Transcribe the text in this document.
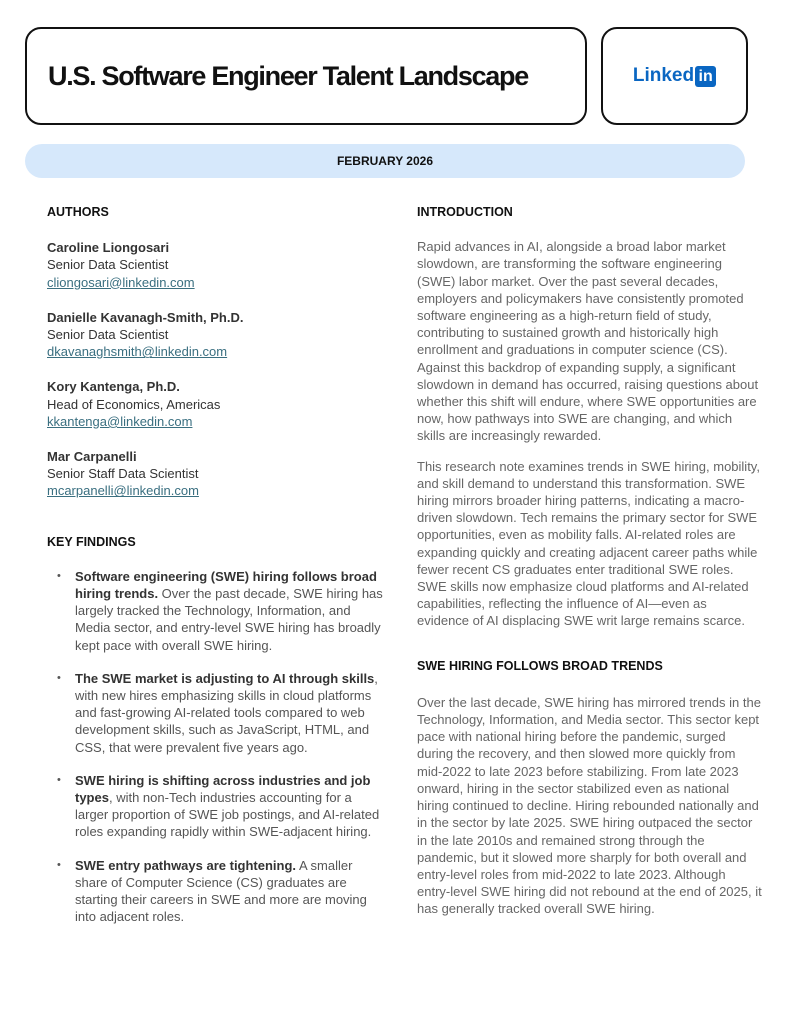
U.S. Software Engineer Talent Landscape	Linked in
FEBRUARY 2026
AUTHORS
Caroline Liongosari
Senior Data Scientist
cliongosari@linkedin.com
Danielle Kavanagh-Smith, Ph.D.
Senior Data Scientist
dkavanaghsmith@linkedin.com
Kory Kantenga, Ph.D.
Head of Economics, Americas
kkantenga@linkedin.com
Mar Carpanelli
Senior Staff Data Scientist
mcarpanelli@linkedin.com
KEY FINDINGS
• Software engineering (SWE) hiring follows broad hiring trends. Over the past decade, SWE hiring has largely tracked the Technology, Information, and Media sector, and entry-level SWE hiring has broadly kept pace with overall SWE hiring.
• The SWE market is adjusting to AI through skills, with new hires emphasizing skills in cloud platforms and fast-growing AI-related tools compared to web development skills, such as JavaScript, HTML, and CSS, that were prevalent five years ago.
• SWE hiring is shifting across industries and job types, with non-Tech industries accounting for a larger proportion of SWE job postings, and AI-related roles expanding rapidly within SWE-adjacent hiring.
• SWE entry pathways are tightening. A smaller share of Computer Science (CS) graduates are starting their careers in SWE and more are moving into adjacent roles.
INTRODUCTION

Rapid advances in AI, alongside a broad labor market slowdown, are transforming the software engineering (SWE) labor market. Over the past several decades, employers and policymakers have consistently promoted software engineering as a high-return field of study, contributing to sustained growth and historically high enrollment and graduations in computer science (CS). Against this backdrop of expanding supply, a significant slowdown in demand has occurred, raising questions about whether this shift will endure, where SWE opportunities are now, how pathways into SWE are changing, and which skills are increasingly rewarded.

This research note examines trends in SWE hiring, mobility, and skill demand to understand this transformation. SWE hiring mirrors broader hiring patterns, indicating a macro-driven slowdown. Tech remains the primary sector for SWE opportunities, even as mobility falls. AI-related roles are expanding quickly and creating adjacent career paths while fewer recent CS graduates enter traditional SWE roles. SWE skills now emphasize cloud platforms and AI-related capabilities, reflecting the influence of AI—even as evidence of AI displacing SWE writ large remains scarce.

SWE HIRING FOLLOWS BROAD TRENDS

Over the last decade, SWE hiring has mirrored trends in the Technology, Information, and Media sector. This sector kept pace with national hiring before the pandemic, surged during the recovery, and then slowed more quickly from mid-2022 to late 2023 before stabilizing. From late 2023 onward, hiring in the sector stabilized even as national hiring continued to decline. Hiring rebounded nationally and in the sector by late 2025. SWE hiring outpaced the sector in the late 2010s and remained strong through the pandemic, but it slowed more sharply for both overall and entry-level roles from mid-2022 to late 2023. Although entry-level SWE hiring did not rebound at the end of 2025, it has generally tracked overall SWE hiring.
